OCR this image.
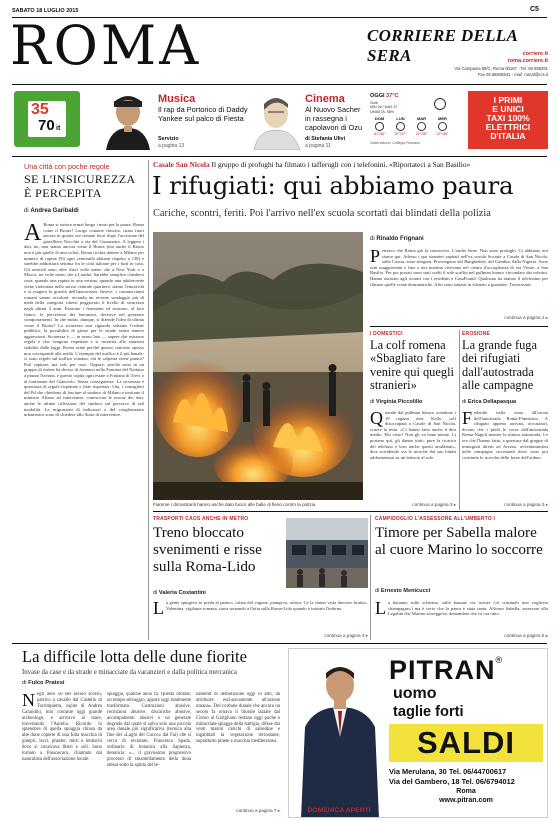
SABATO 18 LUGLIO 2015	C5
ROMA	CORRIERE DELLA SERA	corriere.it
roma.corriere.it
Via Campania 59/C, Roma 00187 - Tel. 06 688281
Fax 06 68828541 - mail: romaf@rcs.it
35
70 it
Musica
Il rap da Portorico di Daddy Yankee sul palco di Fiesta
Servizio
a pagina 13
Cinema
Al Nuovo Sacher in rassegna i capolavori di Ozu
di Stefania Ulivi
a pagina 11
OGGI 37°C
Sole
MIN 26 / MAX 37
UMIDITÀ: 56%
DOM
20°/36°
LUN
20°/37°
MAR
21°/36°
MER
22°/36°
Osservatorio: Collegio Romano
I PRIMI
E UNICI
TAXI 100%
ELETTRICI
D'ITALIA
Una città con poche regole
SE L'INSICUREZZA È PERCEPITA
di Andrea Garibaldi
A Roma si strizza ormai lungo i muri per la paura: Roma come il Bronx? Luogo comune classico, tirato fuori ancora in queste ore tornate fuori dopo l'uccisione del gioielliere Nocchia a via del Gazometro. A leggere i dati, no, non siamo ancora come il Bronx (ma anche il Bronx non è più quello di una volta). Roma rischia datiere a Milano per numero di rapine (94 ogni centomila abitanti rispetto a 138) e sarebbe addirittura settima fra le città italiane per i furti in casa. Gli omicidi sono oltre dieci volte meno che a New York o a Mosca, tre volte meno che a Londra. Sarebbe semplice chiedersi cosa: quando una rapina in una vetrina, quando una adolescente viene violentata nello stesso centrale quartiere, siamo l'emotività e si esagera la gravità dell'insicurezza. Invece, i commercianti romani vanno accoltati: secondo un recente sondaggio più di metà della categoria ritiene peggiorato il livello di sicurezza negli ultimi 3 anni. Esistono i fenomeni ed esistono, al loro fianco, le percezioni dei fenomeni, decisive nel generare comportamenti. In che modo, dunque, si difende l'idea di ultima come il Bronx? La sicurezza non riguarda soltanto l'ordine pubblico, la possibilità di girare per le strade senza temere aggressioni. Sicurezza è — in senso lato — sapere che esistono regole e che vengono rispettate e si incontra alle sanzioni stabilite dalle leggi. Roma sente perché questo concetto spesso non corrisponde alla realtà. L'esempio del traffico è il più banale: ci sono regole sul traffico romano, chi le calpesta viene punito? Può capitare, ma solo per caso. Oppure: perché sono in un gruppo di turiste ha deciso di fermarsi nella Fontana del Nettuno a piazza Navona, e questo capita ogni estate a Fontana di Trevi o al fontanone del Gianicolo. Senza conseguenze. La sicurezza è questione di regole rispettate e fatte rispettare. Ora, i consiglieri del Pd che chiedono di lasciare al sindaco di Milano e invitano il ministro Alfano ad intervenire, conoscono le mosse dei dati, anche le ultime riflessioni del sindaco sul percorso di tali modalità. Le migrazioni di indicatori e del conglomerato urbanistico sono di chiedere allo Stato di intervenire.
Casale San Nicola Il gruppo di profughi ha filmato i tafferugli con i telefonini. «Riportateci a San Basilio»
I rifugiati: qui abbiamo paura
Cariche, scontri, feriti. Poi l'arrivo nell'ex scuola scortati dai blindati della polizia
Fiamme I dimostranti hanno anche dato fuoco alle balle di fieno contro la polizia
di Rinaldo Frignani
P ensavo che Roma già la conoscevo. L'anche bene. Non sono profughi. Ci abbiamo noi siamo qui. Adesso i qui stranieri ospitati nell'ex scuola Socrate a Casale di San Nicola, sulla Cassia, sono rifugiati. Provengono dal Bangladesh, dal Gambia, dalla Nigeria. Sono tutti maggiorenni e fino a ieri mattina vivevano nel centro d'accoglienza di via Vieste, a San Basilio. Per poi portati sono stati scelti il sole scalfin nel pullman bianco circondato dai celerini. Hanno assistito agli scontri con i residenti e CasaPound. Qualcuno ha aiutato il telefonino per filmare quelle scene drammatiche. Altri sono rimasti in silenzio a guardare. Terrorizzati.
continua a pagina 2 ▸
I DOMESTICI
La colf romena «Sbagliato fare venire qui quegli stranieri»
di Virginia Piccolillo
Q uando dal pullman bianco scendono i 19 ragazzi neri, Kelly, colf disoccupata a Casale di San Nicola, scuote la testa. «Ci hanno fatto anche il dito medio. Ehi visto? Non gli va bene niente. Li portano qui, gli danno tutto, pure la ricarica del telefono e loro anche questi arrabbiati», dice sorridendo via le mosche dal suo bimbi addormentati su un lettucio al sole.
continua a pagina 3 ▸
EROSIONE
La grande fuga dei rifugiati dall'autostrada alle campagne
di Erica Dellapasqua
F ederale nella zona all'uscita dell'autostrada Roma-Fiumicino. A rifugiati appena arrivati, accusatori, dicono che i piedi le corse dell'autostrada Roma-Napoli mentre la ultima autostrada. Le ore che l'hanno fatta, a questura dal gruppo di immigrati diretti ad Arezzo, avventurandosi nelle campagne circostanti dove sono poi costituite le ricerche delle forze dell'ordine.
continua a pagina 3 ▸
TRASPORTI CAOS ANCHE IN METRO
Treno bloccato svenimenti e risse sulla Roma-Lido
di Valeria Costantini
L a gente spingeva in preda al panico, calata dal vagone, piangeva, urlava. Ce la siamo vista davvero brutta». Valentina, vigilante romana, stava tornando a Ostia sulla Roma-Lido quando è iniziato l'inferno.
continua a pagina 4 ▸
CAMPIDOGLIO L'ASSESSORE ALL'UMBERTO I
Timore per Sabella malore al cuore Marino lo soccorre
di Ernesto Menicucci
L a batuano sullo schermo, sulle batuate via twitter («è criminali non vogliono champagne») ma è certo che la paura è stata tanta: Alfonso Sabella, assessore alla Legalità che Marino sorreggeva, domandare che va ora tutto.
continua a pagina 5 ▸
La difficile lotta delle dune fiorite
Invase da case e da strade e minacciate da vacanzieri e dalla politica mercanica
di Fulco Pratesi
N egli anni 50 del secolo scorso, partivo a cavallo dal Castello di Torrimpietra, ospite di Andrea Carandini, mio costume oggi grande archeologo, e arrivavo al mare, traversando l'Aurelia. Ricordo lo splendore di quella spiaggia chiusa da alte dune coperte di una folta macchia di ginepri, lecci, phaster, mirti e lentischi dove si cavalcava liberi e soli. Sono tornato a Passoscuro, chiamato dal naturalista dell'associazione locale.
spiaggia, qualche anno fa. Questo litorale, un tempo selvaggio, appare oggi totalmente trasformato. Costruzioni abusive, recinzioni abusive, discariche abusive, accampamenti abusivi e un generale degrado dal quale si salva solo una piccola area dunale più significativa (tecnica alla fine del «Laghi del Cucco» dal Fai) che si cerca di recintare. Francesco Spada, ordinario di botanica alla Sapienza, denuncia: «... il gravissimo progressivo processo di smantellamento della duna stessa sotto la spinta del le-
namenti di demolizione oggi in atto, da attribuire esclusivamente all'azione umana». Del cordone dunale che ancora un secolo fa ornava il litorale laziale dal Circeo al Garigliano restano oggi poche e minacciate spiagge della battigia, difese dai venti marini carichi di salsedine e ingabbiati la vegetazione retrostante, soprattutto pinete e macchia mediterranea.
continua a pagina 7 ▸
PITRAN®
uomo
taglie forti
SALDI
Via Merulana, 30 Tel. 06/44700617
Via del Gambero, 18 Tel. 06/6794012
Roma
www.pitran.com
DOMENICA APERTI
